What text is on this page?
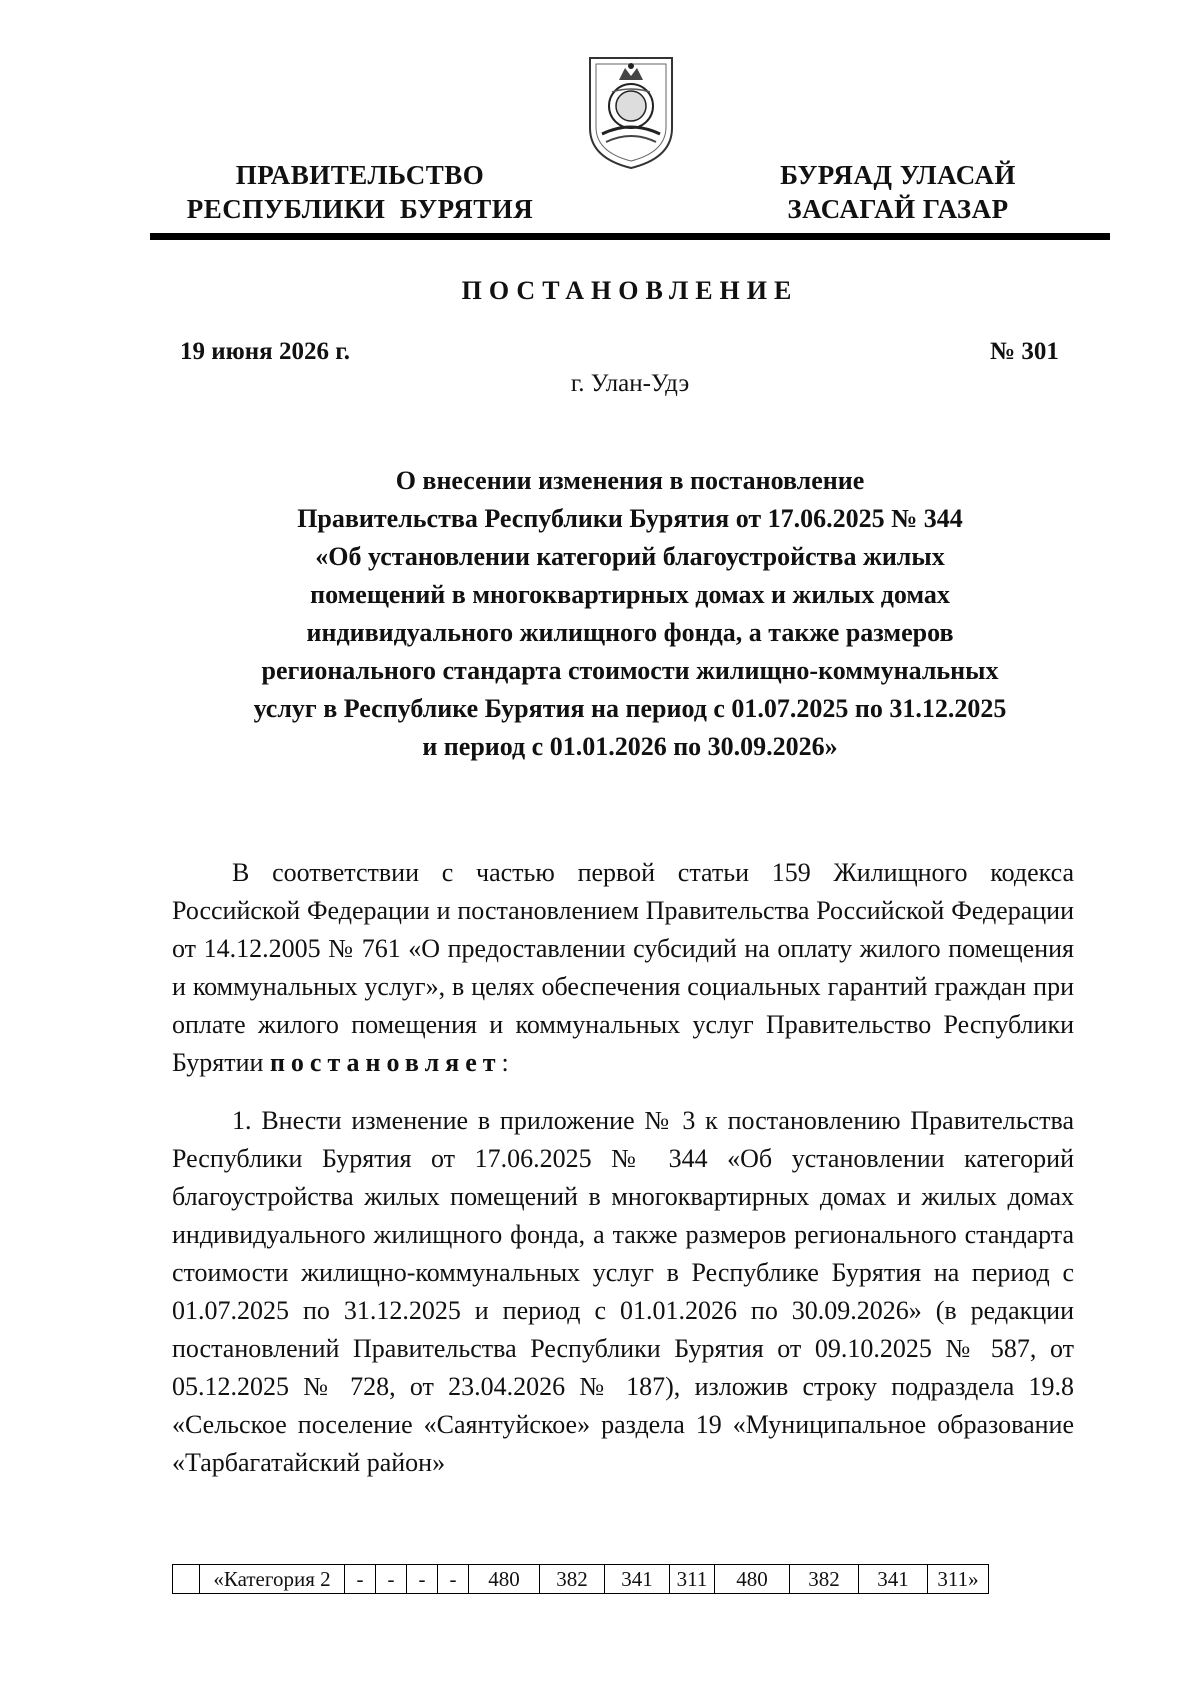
ПРАВИТЕЛЬСТВО
РЕСПУБЛИКИ  БУРЯТИЯ
БУРЯАД УЛАСАЙ
ЗАСАГАЙ ГАЗАР
ПОСТАНОВЛЕНИЕ
19 июня 2026 г.	№ 301
г. Улан-Удэ
О внесении изменения в постановление
Правительства Республики Бурятия от 17.06.2025 № 344
«Об установлении категорий благоустройства жилых
помещений в многоквартирных домах и жилых домах
индивидуального жилищного фонда, а также размеров
регионального стандарта стоимости жилищно-коммунальных
услуг в Республике Бурятия на период с 01.07.2025 по 31.12.2025
и период с 01.01.2026 по 30.09.2026»
В соответствии с частью первой статьи 159 Жилищного кодекса Российской Федерации и постановлением Правительства Российской Федерации от 14.12.2005 № 761 «О предоставлении субсидий на оплату жилого помещения и коммунальных услуг», в целях обеспечения социальных гарантий граждан при оплате жилого помещения и коммунальных услуг Правительство Республики Бурятии постановляет:
1. Внести изменение в приложение № 3 к постановлению Правительства Республики Бурятия от 17.06.2025 № 344 «Об установлении категорий благоустройства жилых помещений в многоквартирных домах и жилых домах индивидуального жилищного фонда, а также размеров регионального стандарта стоимости жилищно-коммунальных услуг в Республике Бурятия на период с 01.07.2025 по 31.12.2025 и период с 01.01.2026 по 30.09.2026» (в редакции постановлений Правительства Республики Бурятия от 09.10.2025 № 587, от 05.12.2025 № 728, от 23.04.2026 № 187), изложив строку подраздела 19.8 «Сельское поселение «Саянтуйское» раздела 19 «Муниципальное образование «Тарбагатайский район»
	«Категория 2	-	-	-	-	480	382	341	311	480	382	341	311»
